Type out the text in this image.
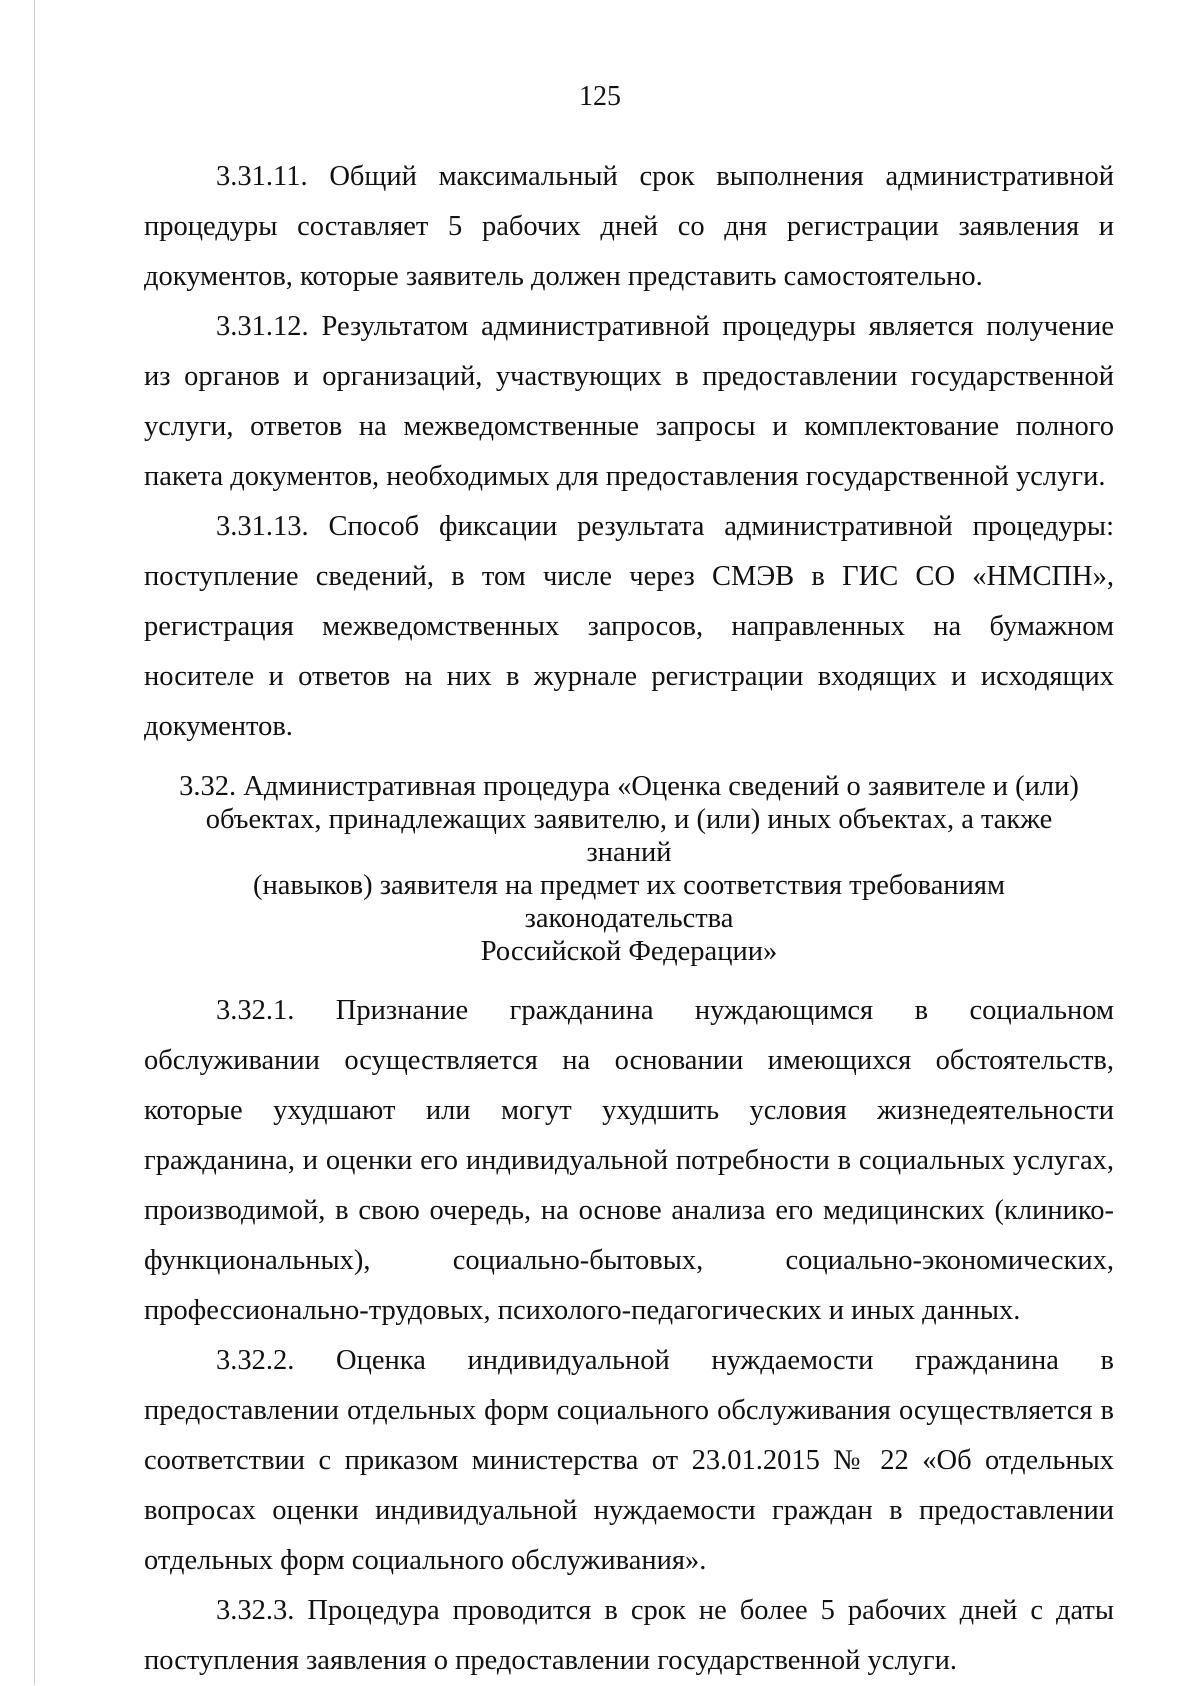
125

3.31.11. Общий максимальный срок выполнения административной процедуры составляет 5 рабочих дней со дня регистрации заявления и документов, которые заявитель должен представить самостоятельно.

3.31.12. Результатом административной процедуры является получение из органов и организаций, участвующих в предоставлении государственной услуги, ответов на межведомственные запросы и комплектование полного пакета документов, необходимых для предоставления государственной услуги.

3.31.13. Способ фиксации результата административной процедуры: поступление сведений, в том числе через СМЭВ в ГИС СО «НМСПН», регистрация межведомственных запросов, направленных на бумажном носителе и ответов на них в журнале регистрации входящих и исходящих документов.

3.32. Административная процедура «Оценка сведений о заявителе и (или)
объектах, принадлежащих заявителю, и (или) иных объектах, а также знаний
(навыков) заявителя на предмет их соответствия требованиям законодательства
Российской Федерации»

3.32.1. Признание гражданина нуждающимся в социальном обслуживании осуществляется на основании имеющихся обстоятельств, которые ухудшают или могут ухудшить условия жизнедеятельности гражданина, и оценки его индивидуальной потребности в социальных услугах, производимой, в свою очередь, на основе анализа его медицинских (клинико-функциональных), социально-бытовых, социально-экономических, профессионально-трудовых, психолого-педагогических и иных данных.

3.32.2. Оценка индивидуальной нуждаемости гражданина в предоставлении отдельных форм социального обслуживания осуществляется в соответствии с приказом министерства от 23.01.2015 № 22 «Об отдельных вопросах оценки индивидуальной нуждаемости граждан в предоставлении отдельных форм социального обслуживания».

3.32.3. Процедура проводится в срок не более 5 рабочих дней с даты поступления заявления о предоставлении государственной услуги.
